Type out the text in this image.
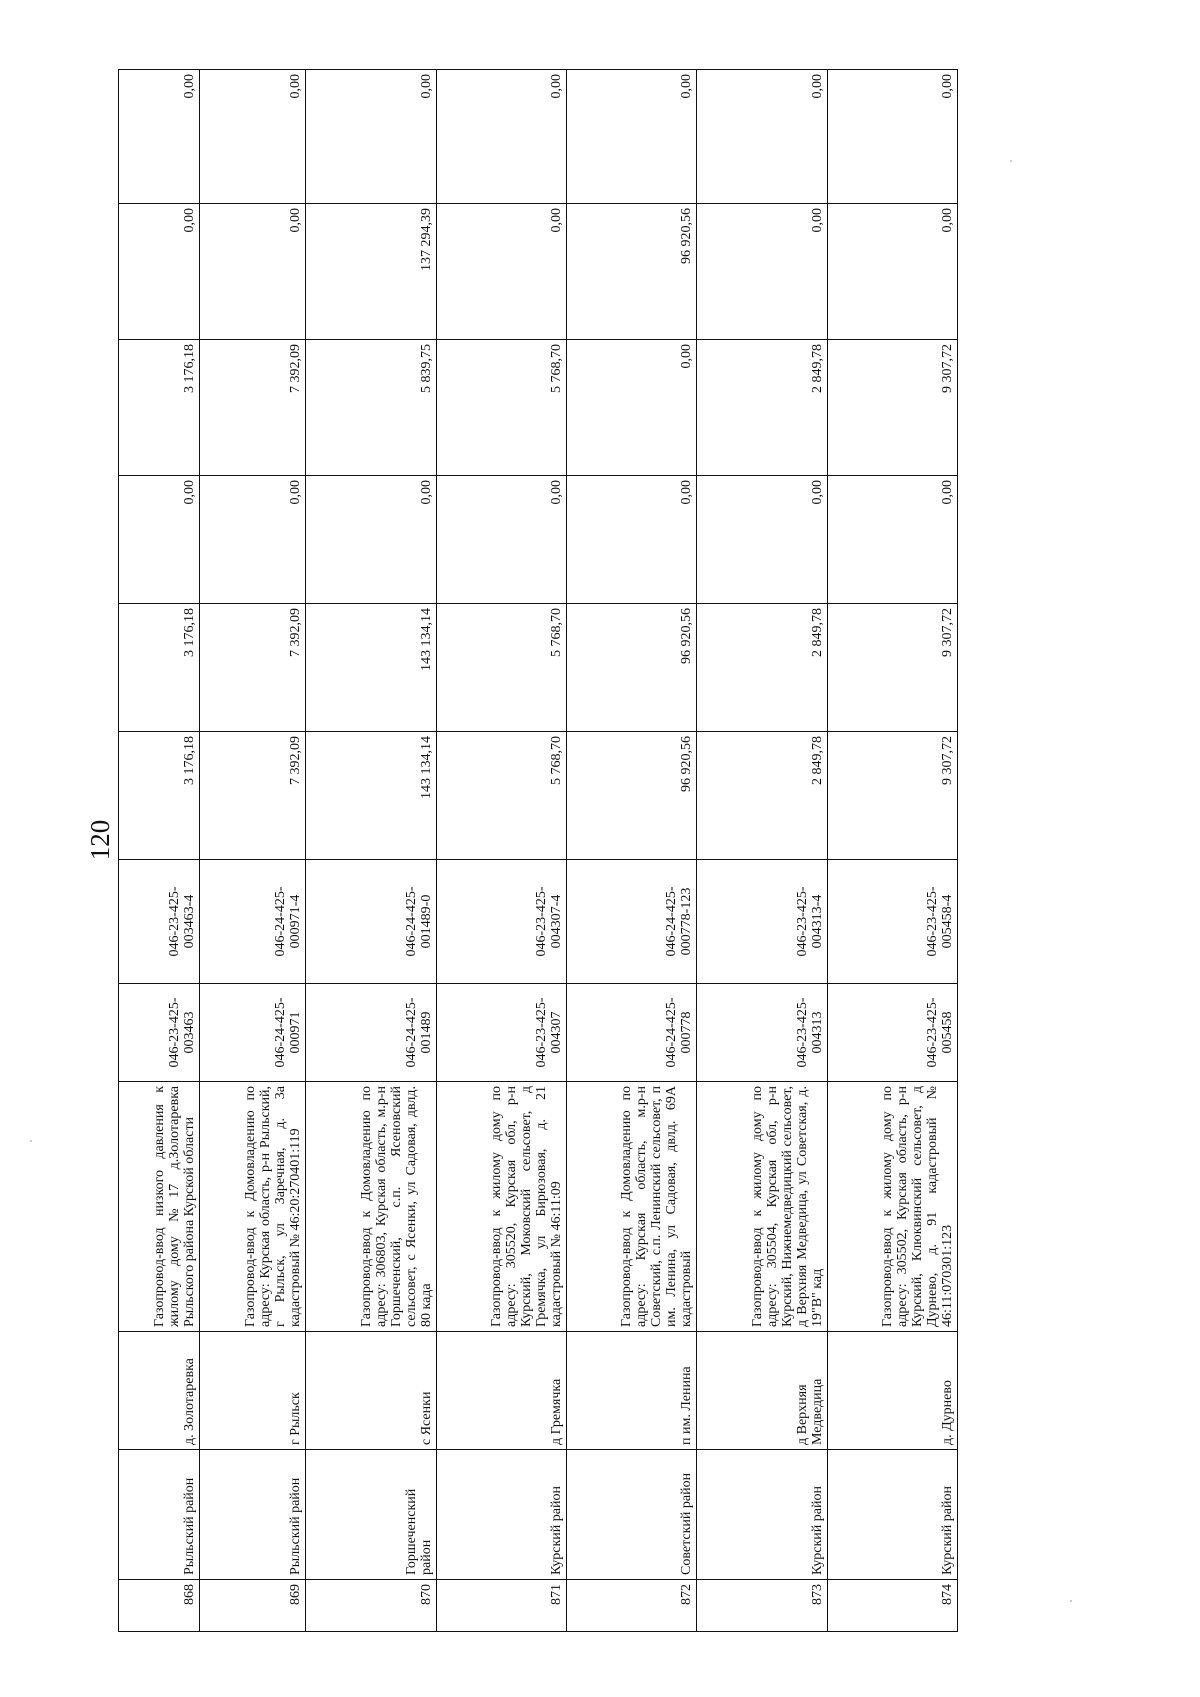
120
868	Рыльский район	д. Золотаревка	Газопровод-ввод низкого давления к жилому дому №17 д.Золотаревка Рыльского района Курской области	046-23-425-003463	046-23-425-003463-4	3 176,18	3 176,18	0,00	3 176,18	0,00	0,00
869	Рыльский район	г Рыльск	Газопровод-ввод к Домовладению по адресу: Курская область, р-н Рыльский, г Рыльск, ул Заречная, д. 3а кадастровый № 46:20:270401:119	046-24-425-000971	046-24-425-000971-4	7 392,09	7 392,09	0,00	7 392,09	0,00	0,00
870	Горшеченский район	с Ясенки	Газопровод-ввод к Домовладению по адресу: 306803, Курская область, м.р-н Горшеченский, с.п. Ясеновский сельсовет, с Ясенки, ул Садовая, двлд. 80 када	046-24-425-001489	046-24-425-001489-0	143 134,14	143 134,14	0,00	5 839,75	137 294,39	0,00
871	Курский район	д Гремячка	Газопровод-ввод к жилому дому по адресу: 305520, Курская обл, р-н Курский, Моковский сельсовет, д Гремячка, ул Бирюзовая, д. 21 кадастровый № 46:11:09	046-23-425-004307	046-23-425-004307-4	5 768,70	5 768,70	0,00	5 768,70	0,00	0,00
872	Советский район	п им. Ленина	Газопровод-ввод к Домовладению по адресу: Курская область, м.р-н Советский, с.п. Ленинский сельсовет, п им. Ленина, ул Садовая, двлд. 69А кадастровый	046-24-425-000778	046-24-425-000778-123	96 920,56	96 920,56	0,00	0,00	96 920,56	0,00
873	Курский район	д Верхняя Медведица	Газопровод-ввод к жилому дому по адресу: 305504, Курская обл, р-н Курский, Нижнемедведицкий сельсовет, д Верхняя Медведица, ул Советская, д. 19"В" кад	046-23-425-004313	046-23-425-004313-4	2 849,78	2 849,78	0,00	2 849,78	0,00	0,00
874	Курский район	д. Дурнево	Газопровод-ввод к жилому дому по адресу: 305502, Курская область, р-н Курский, Клюквинский сельсовет, д Дурнево, д. 91 кадастровый № 46:11:070301:123	046-23-425-005458	046-23-425-005458-4	9 307,72	9 307,72	0,00	9 307,72	0,00	0,00
